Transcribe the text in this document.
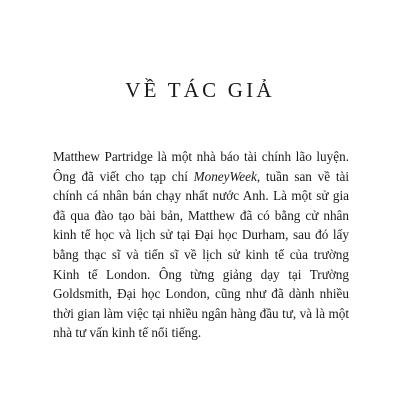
VỀ TÁC GIẢ

Matthew Partridge là một nhà báo tài chính lão luyện. Ông đã viết cho tạp chí MoneyWeek, tuần san về tài chính cá nhân bán chạy nhất nước Anh. Là một sử gia đã qua đào tạo bài bản, Matthew đã có bằng cử nhân kinh tế học và lịch sử tại Đại học Durham, sau đó lấy bằng thạc sĩ và tiến sĩ về lịch sử kinh tế của trường Kinh tế London. Ông từng giảng dạy tại Trường Goldsmith, Đại học London, cũng như đã dành nhiều thời gian làm việc tại nhiều ngân hàng đầu tư, và là một nhà tư vấn kinh tế nổi tiếng.
